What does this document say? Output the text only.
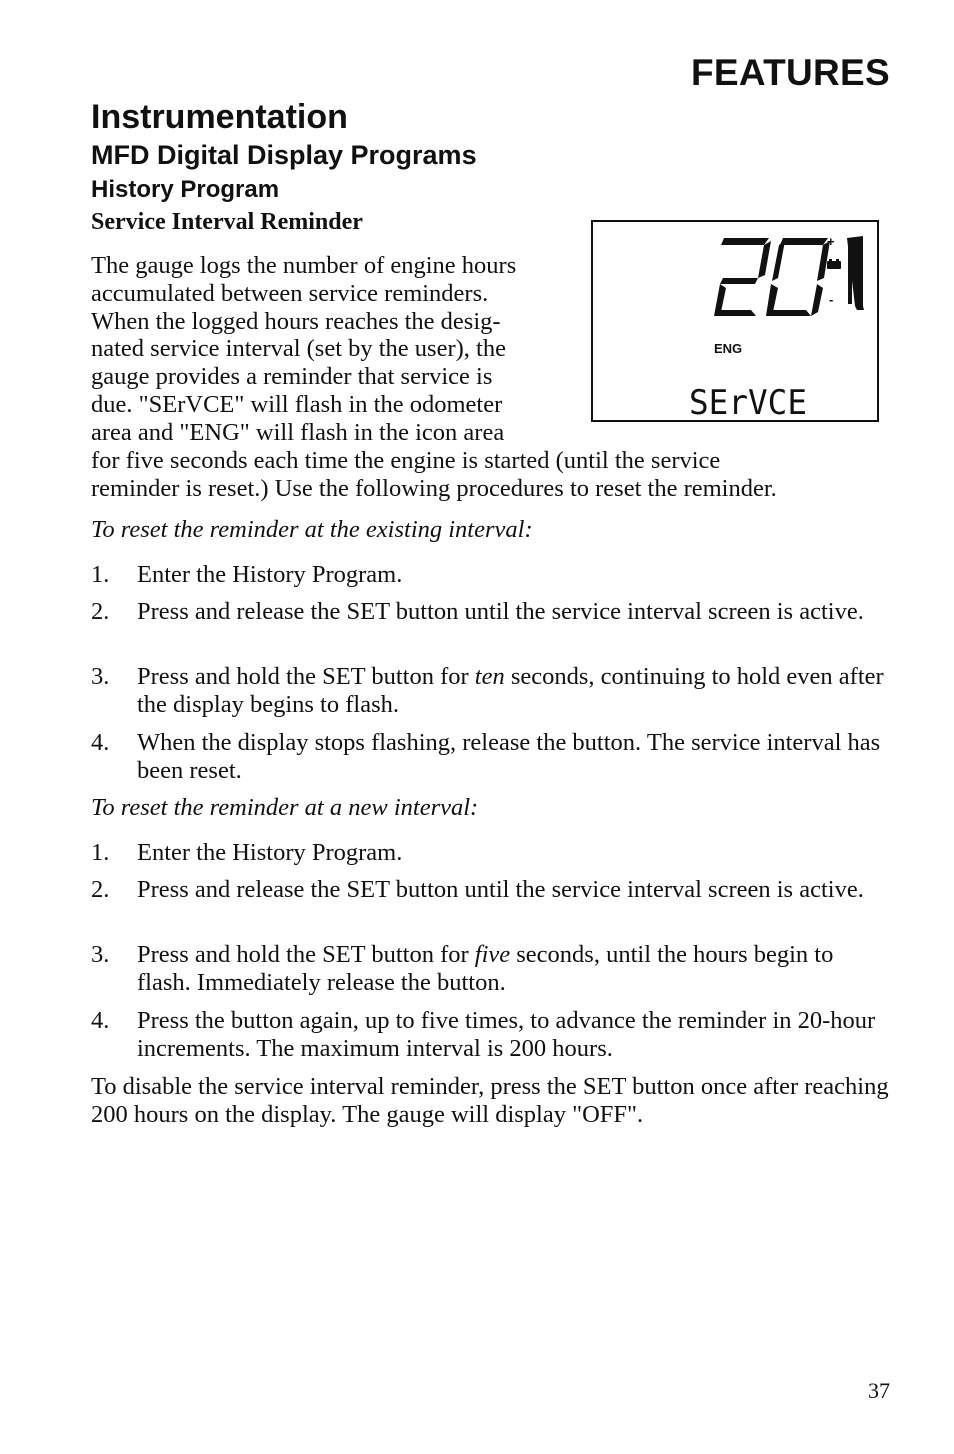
FEATURES
Instrumentation
MFD Digital Display Programs
History Program
Service Interval Reminder
The gauge logs the number of engine hours
accumulated between service reminders.
When the logged hours reaches the desig-
nated service interval (set by the user), the
gauge provides a reminder that service is
due. "SErVCE" will flash in the odometer
area and "ENG" will flash in the icon area
for five seconds each time the engine is started (until the service
reminder is reset.) Use the following procedures to reset the reminder.
+
-
ENG
SErVCE
To reset the reminder at the existing interval:
1. Enter the History Program.
2. Press and release the SET button until the service interval screen is active.
3. Press and hold the SET button for ten seconds, continuing to hold even after the display begins to flash.
4. When the display stops flashing, release the button. The service interval has been reset.
To reset the reminder at a new interval:
1. Enter the History Program.
2. Press and release the SET button until the service interval screen is active.
3. Press and hold the SET button for five seconds, until the hours begin to flash. Immediately release the button.
4. Press the button again, up to five times, to advance the reminder in 20-hour increments. The maximum interval is 200 hours.
To disable the service interval reminder, press the SET button once after reaching 200 hours on the display. The gauge will display "OFF".
37
